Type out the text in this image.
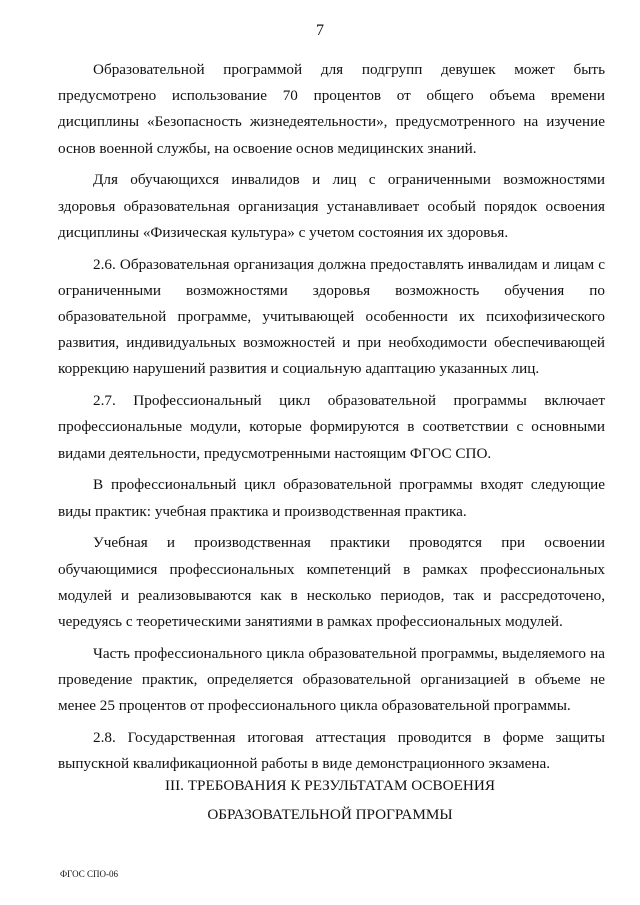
7

Образовательной программой для подгрупп девушек может быть предусмотрено использование 70 процентов от общего объема времени дисциплины «Безопасность жизнедеятельности», предусмотренного на изучение основ военной службы, на освоение основ медицинских знаний.

Для обучающихся инвалидов и лиц с ограниченными возможностями здоровья образовательная организация устанавливает особый порядок освоения дисциплины «Физическая культура» с учетом состояния их здоровья.

2.6. Образовательная организация должна предоставлять инвалидам и лицам с ограниченными возможностями здоровья возможность обучения по образовательной программе, учитывающей особенности их психофизического развития, индивидуальных возможностей и при необходимости обеспечивающей коррекцию нарушений развития и социальную адаптацию указанных лиц.

2.7. Профессиональный цикл образовательной программы включает профессиональные модули, которые формируются в соответствии с основными видами деятельности, предусмотренными настоящим ФГОС СПО.

В профессиональный цикл образовательной программы входят следующие виды практик: учебная практика и производственная практика.

Учебная и производственная практики проводятся при освоении обучающимися профессиональных компетенций в рамках профессиональных модулей и реализовываются как в несколько периодов, так и рассредоточено, чередуясь с теоретическими занятиями в рамках профессиональных модулей.

Часть профессионального цикла образовательной программы, выделяемого на проведение практик, определяется образовательной организацией в объеме не менее 25 процентов от профессионального цикла образовательной программы.

2.8. Государственная итоговая аттестация проводится в форме защиты выпускной квалификационной работы в виде демонстрационного экзамена.

III. ТРЕБОВАНИЯ К РЕЗУЛЬТАТАМ ОСВОЕНИЯ
ОБРАЗОВАТЕЛЬНОЙ ПРОГРАММЫ
ФГОС СПО-06
